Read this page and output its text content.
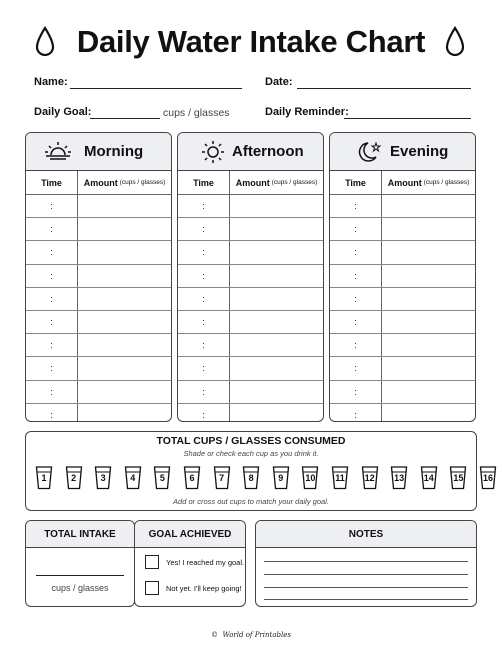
Daily Water Intake Chart
Name:	Date:
Daily Goal:	cups / glasses	Daily Reminder:
Morning
Time	Amount (cups / glasses)
:
:
:
:
:
:
:
:
:
:
Afternoon
Time	Amount (cups / glasses)
:
:
:
:
:
:
:
:
:
:
Evening
Time	Amount (cups / glasses)
:
:
:
:
:
:
:
:
:
:
TOTAL CUPS / GLASSES CONSUMED
Shade or check each cup as you drink it.
1	2	3	4	5	6	7	8	9	10	11	12	13	14	15	16
Add or cross out cups to match your daily goal.
TOTAL INTAKE
cups / glasses
GOAL ACHIEVED
Yes! I reached my goal.
Not yet. I'll keep going!
NOTES
©  World of Printables
